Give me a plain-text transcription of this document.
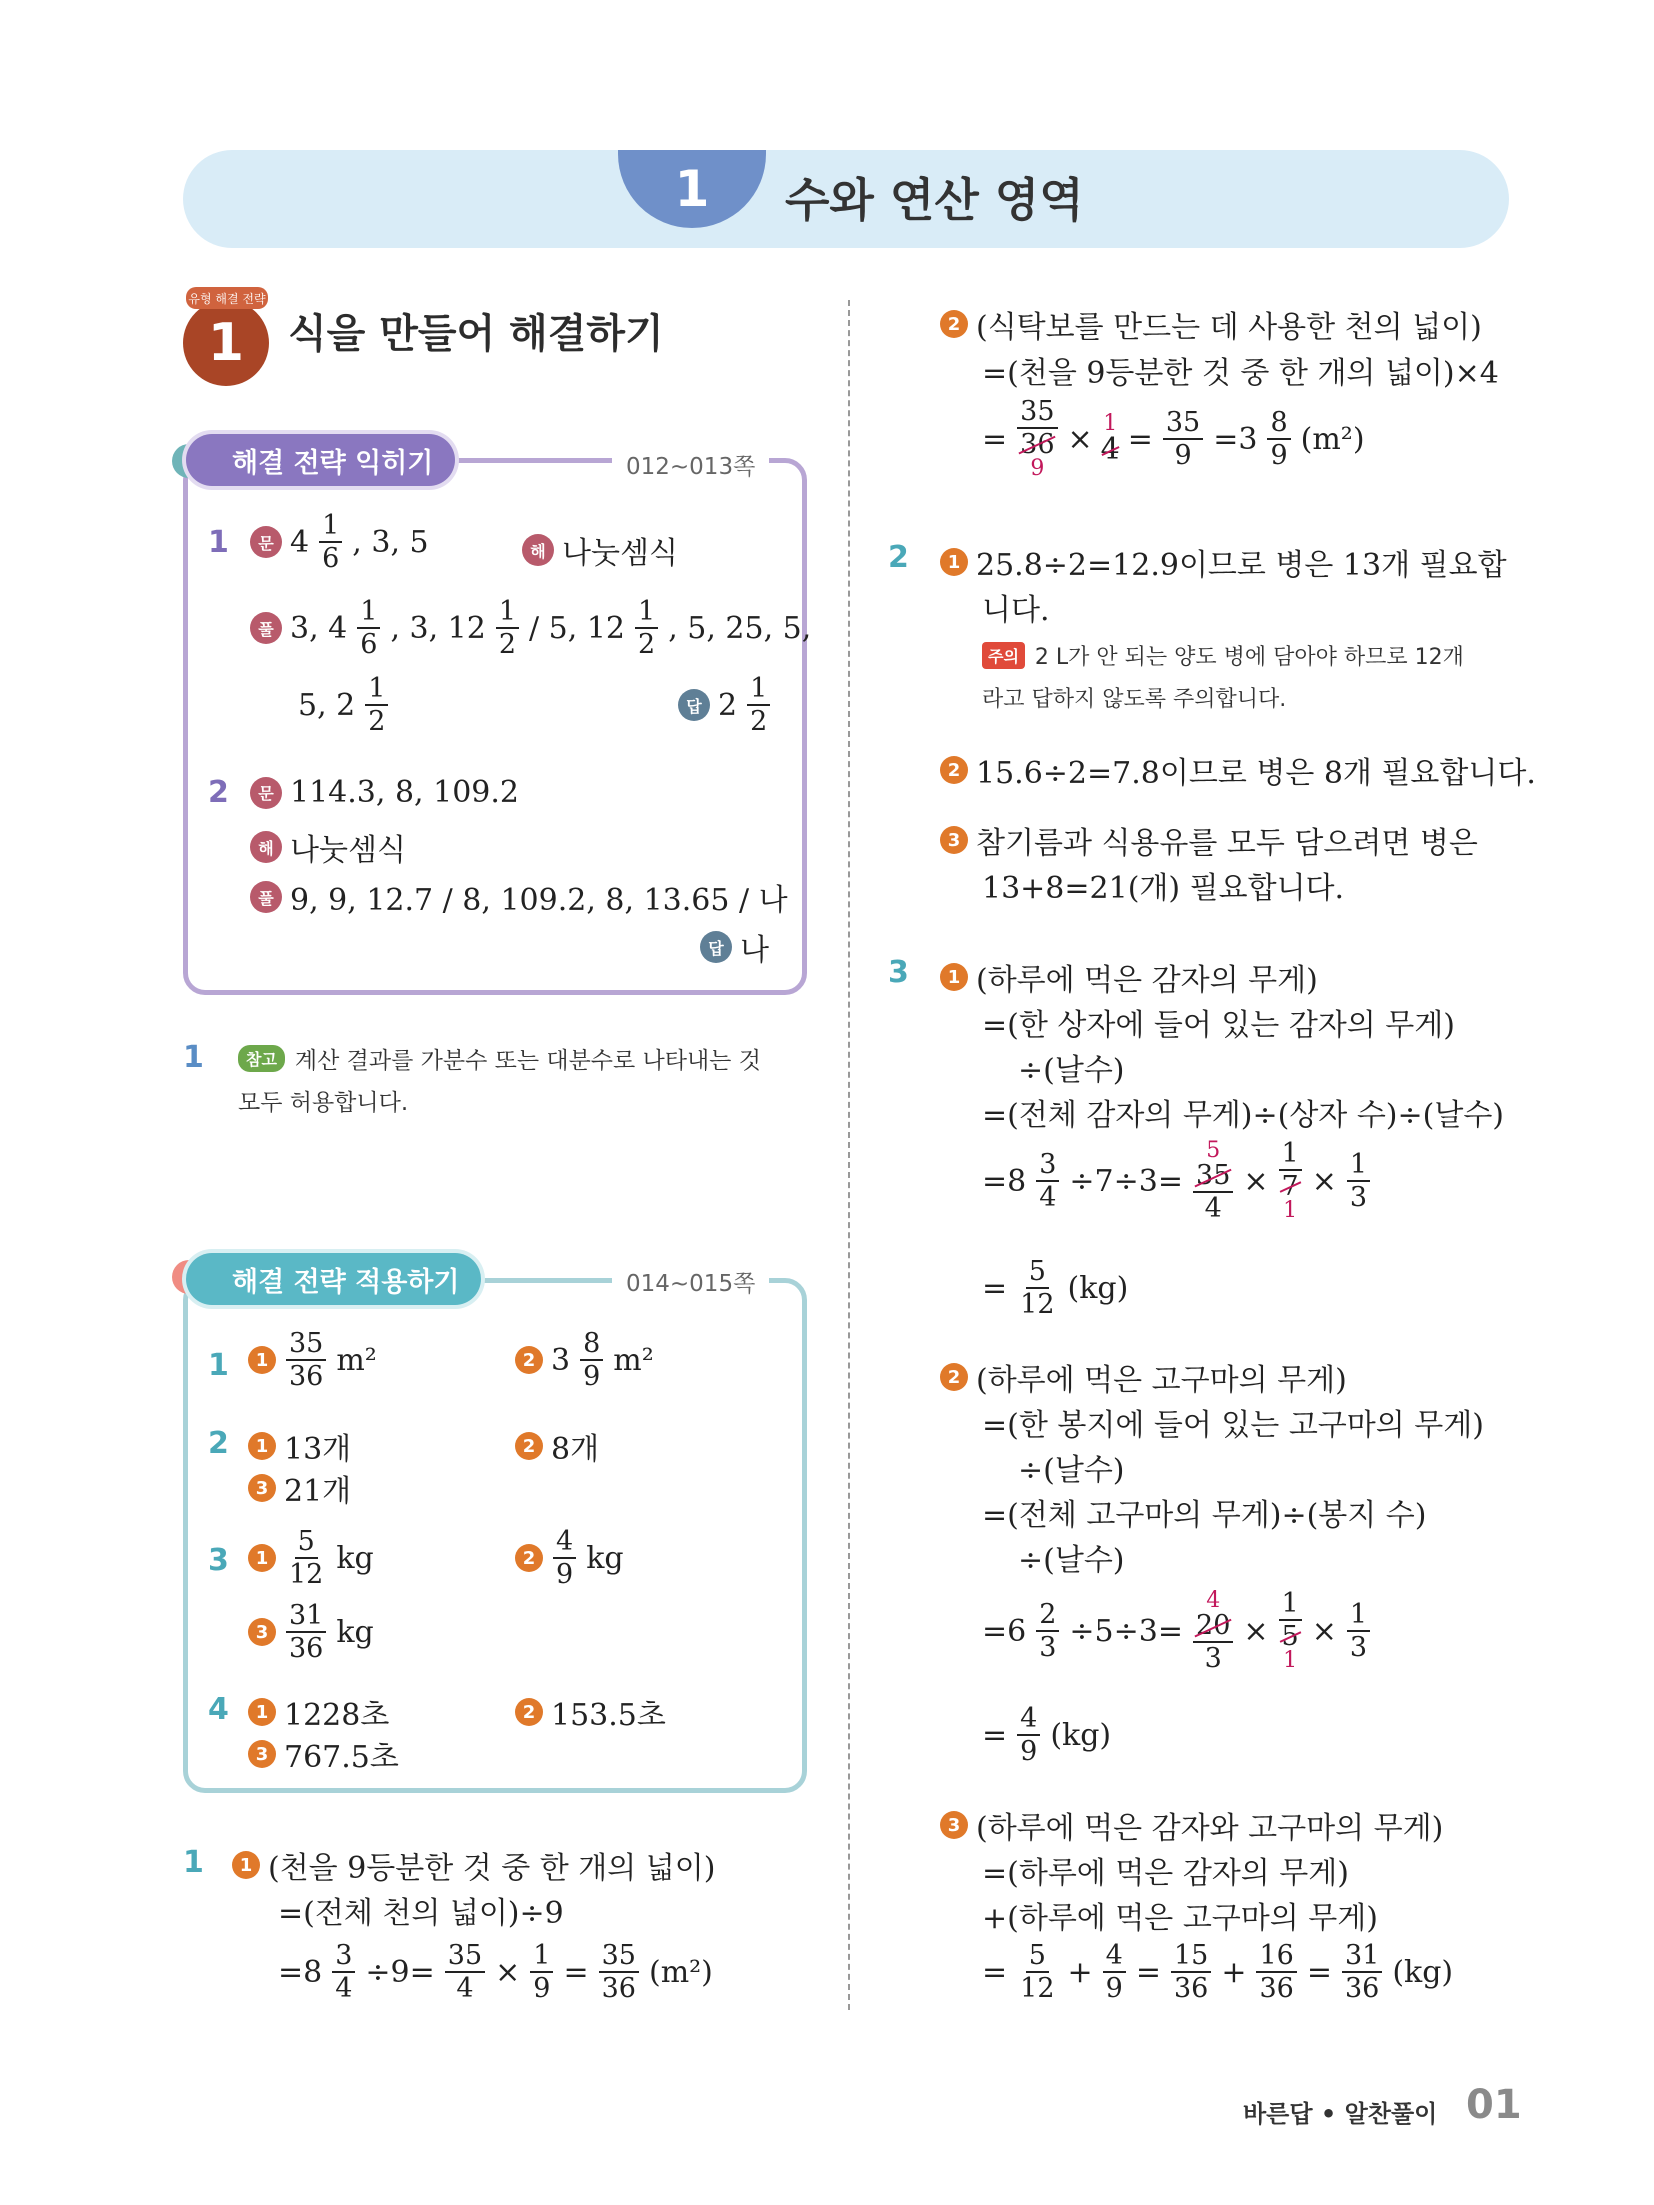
1	수와 연산 영역
1
유형 해결 전략
식을 만들어 해결하기
해결 전략 익히기	012~013쪽
1	문 $4 \frac{1}{6}$ , 3, 5	해 나눗셈식
풀 3, $4 \frac{1}{6}$ , 3, $12 \frac{1}{2} / 5$, $12 \frac{1}{2}$ , 5, 25, 5,
5, $2 \frac{1}{2}$	답 $2 \frac{1}{2}$
2	문 114.3, 8, 109.2
해 나눗셈식
풀 9, 9, 12.7 / 8, 109.2, 8, 13.65 / 나
답 나
1	참고 계산 결과를 가분수 또는 대분수로 나타내는 것
모두 허용합니다.
해결 전략 적용하기	014~015쪽
1	$1 \frac{35}{36} m^2$	2 $3 \frac{8}{9} m^2$
2	1 13개	2 8개
3 21개
3	$1 \frac{5}{12}$ kg	$2 \frac{4}{9}$ kg
$3 \frac{31}{36}$ kg
4	1 1228초	2 153.5초
3 767.5초
1	1 (천을 9등분한 것 중 한 개의 넓이)
=(전체 천의 넓이)÷9
$=8 \frac{3}{4} \div 9= \frac{35}{4} \times \frac{1}{9} = \frac{35}{36} (m^2)$
2 (식탁보를 만드는 데 사용한 천의 넓이)
=(천을 9등분한 것 중 한 개의 넓이)×4
=
35
36
9
× 1
$4 = \frac{35}{9} =3 \frac{8}{9} (m^2)$
2	1 25.8÷2=12.9이므로 병은 13개 필요합
니다.
주의 2 L가 안 되는 양도 병에 담아야 하므로 12개
라고 답하지 않도록 주의합니다.
2 15.6÷2=7.8이므로 병은 8개 필요합니다.
3 참기름과 식용유를 모두 담으려면 병은
13+8=21(개) 필요합니다.
3	1 (하루에 먹은 감자의 무게)
=(한 상자에 들어 있는 감자의 무게)
÷(날수)
=(전체 감자의 무게)÷(상자 수)÷(날수)
$=8 \frac{3}{4} \div 7\div 3=$
5
35
4
×
1
7
1
× $\frac{1}{3}$
= $\frac{5}{12} (kg)$
2 (하루에 먹은 고구마의 무게)
=(한 봉지에 들어 있는 고구마의 무게)
÷(날수)
=(전체 고구마의 무게)÷(봉지 수)
÷(날수)
$=6 \frac{2}{3} \div 5\div 3=$
4
20
3
×
1
5
1
× $\frac{1}{3}$
= $\frac{4}{9} (kg)$
3 (하루에 먹은 감자와 고구마의 무게)
=(하루에 먹은 감자의 무게)
+(하루에 먹은 고구마의 무게)
= $\frac{5}{12} + \frac{4}{9} = \frac{15}{36} + \frac{16}{36} = \frac{31}{36} (kg)$
바른답 • 알찬풀이 01
